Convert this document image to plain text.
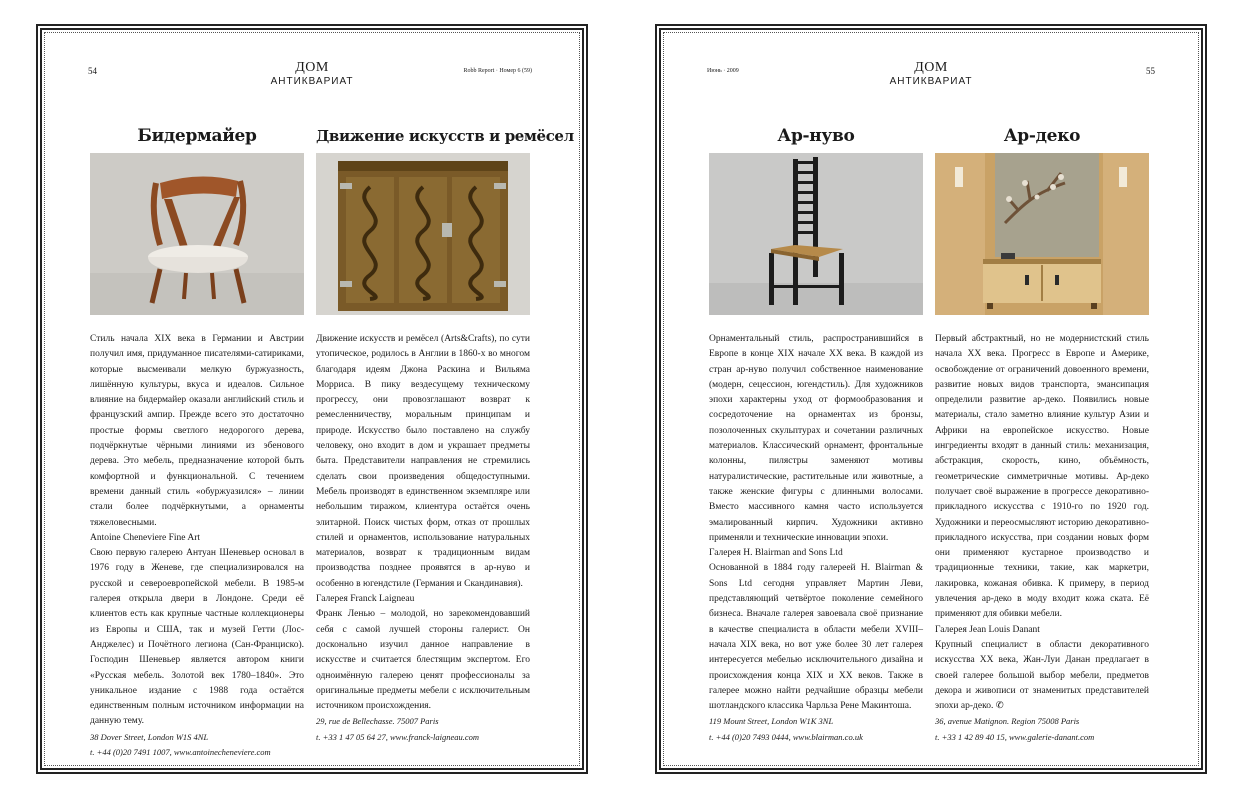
54	ДОМ
АНТИКВАРИАТ
Robb Report · Номер 6 (59)
Бидермайер

Стиль начала XIX века в Германии и Австрии получил имя, придуманное писателями-сатириками, которые высмеивали мелкую буржуазность, лишённую культуры, вкуса и идеалов. Сильное влияние на бидермайер оказали английский стиль и французский ампир. Прежде всего это достаточно простые формы светлого недорогого дерева, подчёркнутые чёрными линиями из эбенового дерева. Это мебель, предназначение которой быть комфортной и функциональной. С течением времени данный стиль «обуржуазился» – линии стали более подчёркнутыми, а орнаменты тяжеловесными.

Antoine Cheneviere Fine Art

Свою первую галерею Антуан Шеневьер основал в 1976 году в Женеве, где специализировался на русской и североевропейской мебели. В 1985-м галерея открыла двери в Лондоне. Среди её клиентов есть как крупные частные коллекционеры из Европы и США, так и музей Гетти (Лос-Анджелес) и Почётного легиона (Сан-Франциско). Господин Шеневьер является автором книги «Русская мебель. Золотой век 1780–1840». Это уникальное издание с 1988 года остаётся единственным полным источником информации на данную тему.

38 Dover Street, London W1S 4NL

t. +44 (0)20 7491 1007, www.antoinecheneviere.com

Движение искусств и ремёсел

Движение искусств и ремёсел (Arts&Crafts), по сути утопическое, родилось в Англии в 1860-х во многом благодаря идеям Джона Раскина и Вильяма Морриса. В пику вездесущему техническому прогрессу, они провозглашают возврат к ремесленничеству, моральным принципам и природе. Искусство было поставлено на службу человеку, оно входит в дом и украшает предметы быта. Представители направления не стремились сделать свои произведения общедоступными. Мебель производят в единственном экземпляре или небольшим тиражом, клиентура остаётся очень элитарной. Поиск чистых форм, отказ от прошлых стилей и орнаментов, использование натуральных материалов, возврат к традиционным видам производства позднее проявятся в ар-нуво и особенно в югендстиле (Германия и Скандинавия).

Галерея Franck Laigneau

Франк Ленью – молодой, но зарекомендовавший себя с самой лучшей стороны галерист. Он досконально изучил данное направление в искусстве и считается блестящим экспертом. Его одноимённую галерею ценят профессионалы за оригинальные предметы мебели с исключительным источником происхождения.

29, rue de Bellechasse. 75007 Paris

t. +33 1 47 05 64 27, www.franck-laigneau.com

Июнь · 2009	ДОМ
АНТИКВАРИАТ
55
Ар-нуво

Орнаментальный стиль, распространившийся в Европе в конце XIX начале XX века. В каждой из стран ар-нуво получил собственное наименование (модерн, сецессион, югендстиль). Для художников эпохи характерны уход от формообразования и сосредоточение на орнаментах из бронзы, позолоченных скульптурах и сочетании различных материалов. Классический орнамент, фронтальные колонны, пилястры заменяют мотивы натуралистические, растительные или животные, а также женские фигуры с длинными волосами. Вместо массивного камня часто используется эмалированный кирпич. Художники активно применяли и технические инновации эпохи.

Галерея H. Blairman and Sons Ltd

Основанной в 1884 году галереей H. Blairman & Sons Ltd сегодня управляет Мартин Леви, представляющий четвёртое поколение семейного бизнеса. Вначале галерея завоевала своё признание в качестве специалиста в области мебели XVIII– начала XIX века, но вот уже более 30 лет галерея интересуется мебелью исключительного дизайна и происхождения конца XIX и XX веков. Также в галерее можно найти редчайшие образцы мебели шотландского классика Чарльза Рене Макинтоша.

119 Mount Street, London W1K 3NL

t. +44 (0)20 7493 0444, www.blairman.co.uk

Ар-деко

Первый абстрактный, но не модернистский стиль начала XX века. Прогресс в Европе и Америке, освобождение от ограничений довоенного времени, развитие новых видов транспорта, эмансипация определили развитие ар-деко. Появились новые материалы, стало заметно влияние культур Азии и Африки на европейское искусство. Новые ингредиенты входят в данный стиль: механизация, абстракция, скорость, кино, объёмность, геометрические симметричные мотивы. Ар-деко получает своё выражение в прогрессе декоративно-прикладного искусства с 1910-го по 1920 год. Художники и переосмысляют историю декоративно-прикладного искусства, при создании новых форм они применяют кустарное производство и традиционные техники, такие, как маркетри, лакировка, кожаная обивка. К примеру, в период увлечения ар-деко в моду входит кожа ската. Её применяют для обивки мебели.

Галерея Jean Louis Danant

Крупный специалист в области декоративного искусства XX века, Жан-Луи Данан предлагает в своей галерее большой выбор мебели, предметов декора и живописи от знаменитых представителей эпохи ар-деко. ✆

36, avenue Matignon. Region 75008 Paris

t. +33 1 42 89 40 15, www.galerie-danant.com
